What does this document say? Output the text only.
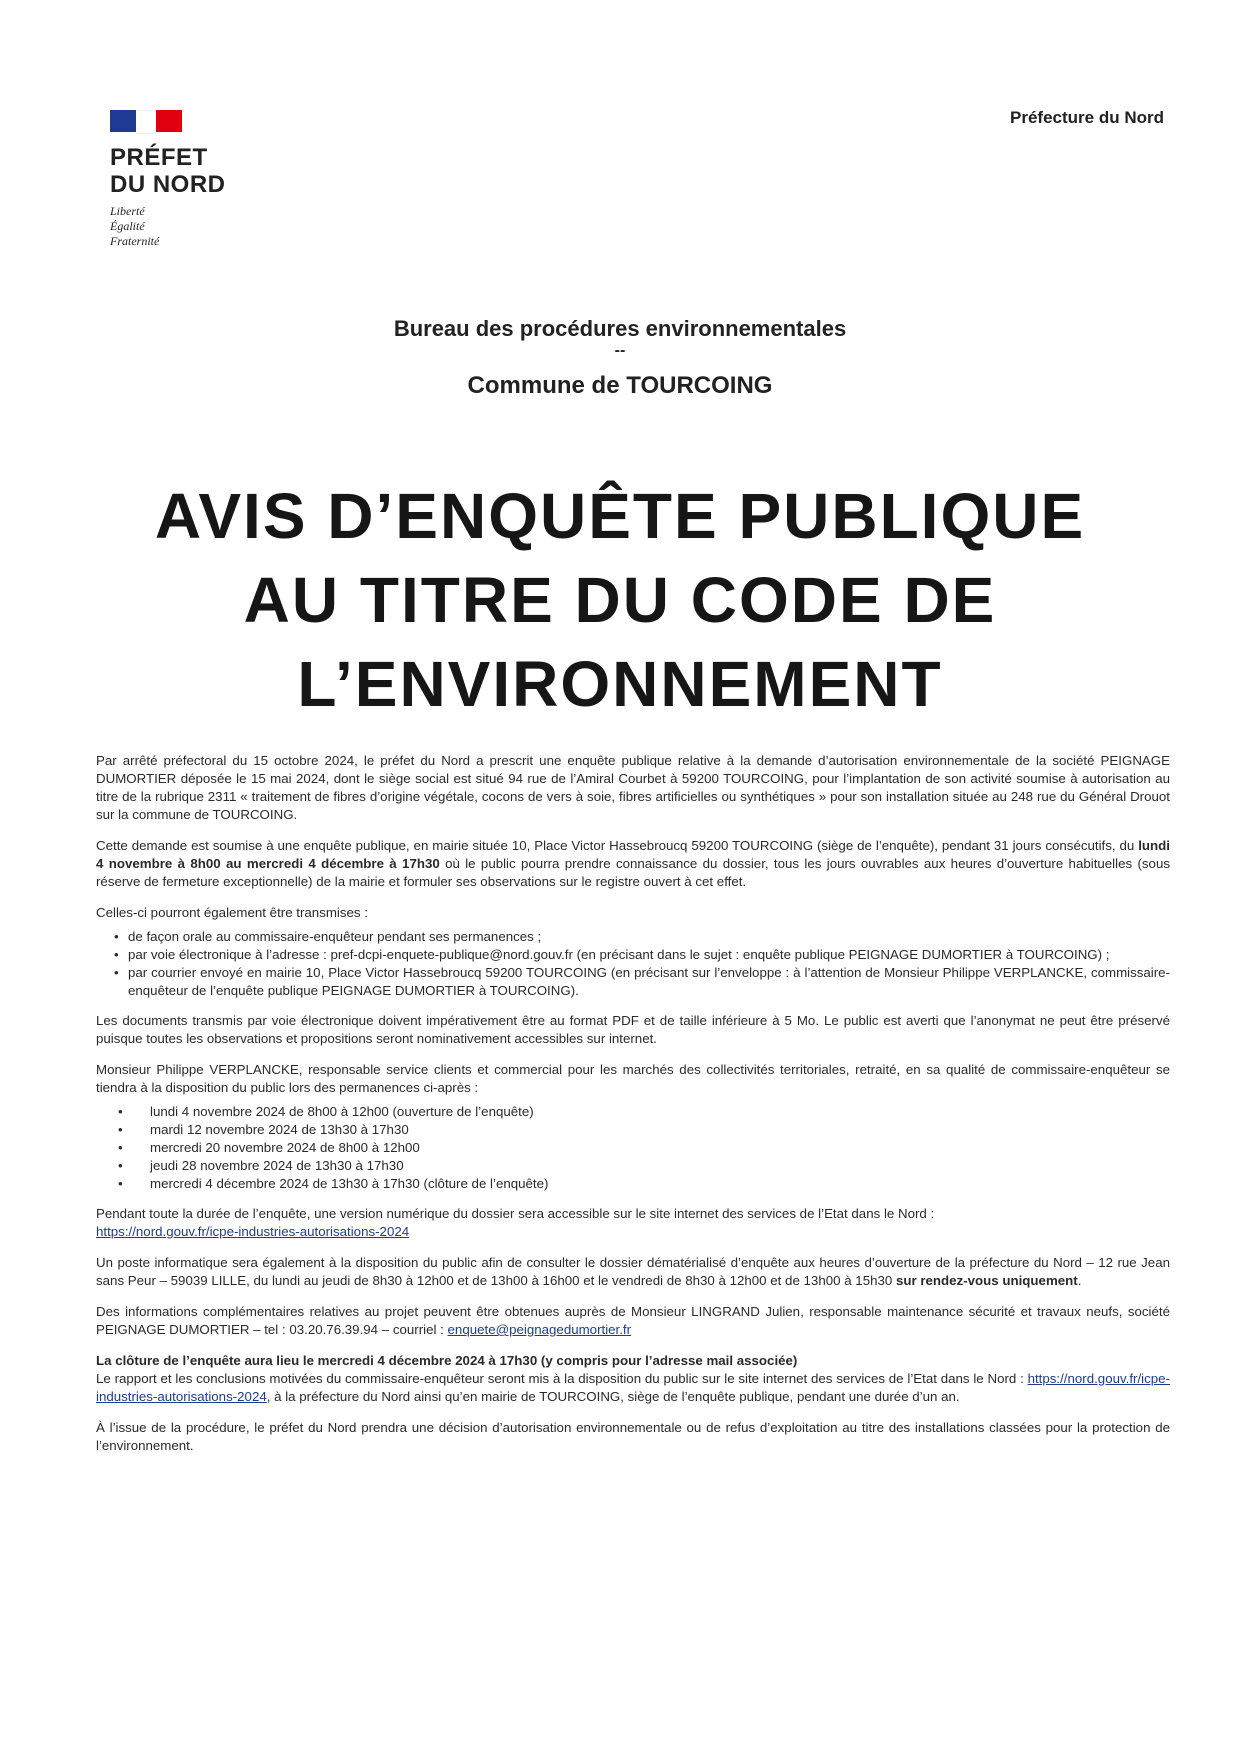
PRÉFET
DU NORD
Liberté
Égalité
Fraternité
Préfecture du Nord
Bureau des procédures environnementales
--
Commune de TOURCOING
AVIS D’ENQUÊTE PUBLIQUE
AU TITRE DU CODE DE
L’ENVIRONNEMENT

Par arrêté préfectoral du 15 octobre 2024, le préfet du Nord a prescrit une enquête publique relative à la demande d’autorisation environnementale de la société PEIGNAGE DUMORTIER déposée le 15 mai 2024, dont le siège social est situé 94 rue de l’Amiral Courbet à 59200 TOURCOING, pour l’implantation de son activité soumise à autorisation au titre de la rubrique 2311 « traitement de fibres d’origine végétale, cocons de vers à soie, fibres artificielles ou synthétiques » pour son installation située au 248 rue du Général Drouot sur la commune de TOURCOING.

Cette demande est soumise à une enquête publique, en mairie située 10, Place Victor Hassebroucq 59200 TOURCOING (siège de l’enquête), pendant 31 jours consécutifs, du lundi 4 novembre à 8h00 au mercredi 4 décembre à 17h30 où le public pourra prendre connaissance du dossier, tous les jours ouvrables aux heures d’ouverture habituelles (sous réserve de fermeture exceptionnelle) de la mairie et formuler ses observations sur le registre ouvert à cet effet.

Celles-ci pourront également être transmises :

• de façon orale au commissaire-enquêteur pendant ses permanences ;
• par voie électronique à l’adresse : pref-dcpi-enquete-publique@nord.gouv.fr (en précisant dans le sujet : enquête publique PEIGNAGE DUMORTIER à TOURCOING) ;
• par courrier envoyé en mairie 10, Place Victor Hassebroucq 59200 TOURCOING (en précisant sur l’enveloppe : à l’attention de Monsieur Philippe VERPLANCKE, commissaire-enquêteur de l’enquête publique PEIGNAGE DUMORTIER à TOURCOING).

Les documents transmis par voie électronique doivent impérativement être au format PDF et de taille inférieure à 5 Mo. Le public est averti que l’anonymat ne peut être préservé puisque toutes les observations et propositions seront nominativement accessibles sur internet.

Monsieur Philippe VERPLANCKE, responsable service clients et commercial pour les marchés des collectivités territoriales, retraité, en sa qualité de commissaire-enquêteur se tiendra à la disposition du public lors des permanences ci-après :

• lundi 4 novembre 2024 de 8h00 à 12h00 (ouverture de l’enquête)
• mardi 12 novembre 2024 de 13h30 à 17h30
• mercredi 20 novembre 2024 de 8h00 à 12h00
• jeudi 28 novembre 2024 de 13h30 à 17h30
• mercredi 4 décembre 2024 de 13h30 à 17h30 (clôture de l’enquête)

Pendant toute la durée de l’enquête, une version numérique du dossier sera accessible sur le site internet des services de l’Etat dans le Nord :
https://nord.gouv.fr/icpe-industries-autorisations-2024

Un poste informatique sera également à la disposition du public afin de consulter le dossier dématérialisé d’enquête aux heures d’ouverture de la préfecture du Nord – 12 rue Jean sans Peur – 59039 LILLE, du lundi au jeudi de 8h30 à 12h00 et de 13h00 à 16h00 et le vendredi de 8h30 à 12h00 et de 13h00 à 15h30 sur rendez-vous uniquement.

Des informations complémentaires relatives au projet peuvent être obtenues auprès de Monsieur LINGRAND Julien, responsable maintenance sécurité et travaux neufs, société PEIGNAGE DUMORTIER – tel : 03.20.76.39.94 – courriel : enquete@peignagedumortier.fr

La clôture de l’enquête aura lieu le mercredi 4 décembre 2024 à 17h30 (y compris pour l’adresse mail associée)
Le rapport et les conclusions motivées du commissaire-enquêteur seront mis à la disposition du public sur le site internet des services de l’Etat dans le Nord : https://nord.gouv.fr/icpe-industries-autorisations-2024, à la préfecture du Nord ainsi qu’en mairie de TOURCOING, siège de l’enquête publique, pendant une durée d’un an.

À l’issue de la procédure, le préfet du Nord prendra une décision d’autorisation environnementale ou de refus d’exploitation au titre des installations classées pour la protection de l’environnement.
